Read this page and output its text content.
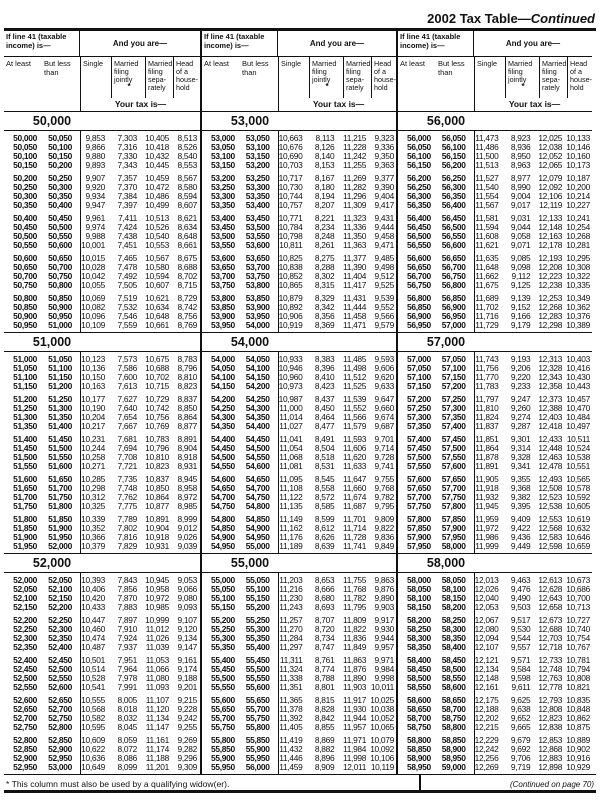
2002 Tax Table — Continued
If line 41 (taxable income) is—	And you are—
At least	But less than
Single	Married filing jointly
*
Married filing sepa- rately
Head of a house- hold
Your tax is—
50,000
50,000	50,050	9,853	7,303 10,405	8,513
50,050	50,100	9,866	7,316 10,418	8,526
50,100	50,150	9,880	7,330 10,432	8,540
50,150	50,200	9,893	7,343 10,445	8,553
50,200	50,250	9,907	7,357 10,459	8,567
50,250	50,300	9,920	7,370 10,472	8,580
50,300	50,350	9,934	7,384 10,486	8,594
50,350	50,400	9,947	7,397 10,499	8,607
50,400	50,450	9,961	7,411 10,513	8,621
50,450	50,500	9,974	7,424 10,526	8,634
50,500	50,550	9,988	7,438 10,540	8,648
50,550	50,600	10,001	7,451 10,553	8,661
50,600	50,650	10,015	7,465 10,567	8,675
50,650	50,700	10,028	7,478 10,580	8,688
50,700	50,750	10,042	7,492 10,594	8,702
50,750	50,800	10,055	7,505 10,607	8,715
50,800	50,850	10,069	7,519 10,621	8,729
50,850	50,900	10,082	7,532 10,634	8,742
50,900	50,950	10,096	7,546 10,648	8,756
50,950	51,000	10,109	7,559 10,661	8,769
51,000
51,000	51,050	10,123	7,573 10,675	8,783
51,050	51,100	10,136	7,586 10,688	8,796
51,100	51,150	10,150	7,600 10,702	8,810
51,150	51,200	10,163	7,613 10,715	8,823
51,200	51,250	10,177	7,627 10,729	8,837
51,250	51,300	10,190	7,640 10,742	8,850
51,300	51,350	10,204	7,654 10,756	8,864
51,350	51,400	10,217	7,667 10,769	8,877
51,400	51,450	10,231	7,681 10,783	8,891
51,450	51,500	10,244	7,694 10,796	8,904
51,500	51,550	10,258	7,708 10,810	8,918
51,550	51,600	10,271	7,721 10,823	8,931
51,600	51,650	10,285	7,735 10,837	8,945
51,650	51,700	10,298	7,748 10,850	8,958
51,700	51,750	10,312	7,762 10,864	8,972
51,750	51,800	10,325	7,775 10,877	8,985
51,800	51,850	10,339	7,789 10,891	8,999
51,850	51,900	10,352	7,802 10,904	9,012
51,900	51,950	10,366	7,816 10,918	9,026
51,950	52,000	10,379	7,829 10,931	9,039
52,000
52,000	52,050	10,393	7,843 10,945	9,053
52,050	52,100	10,406	7,856 10,958	9,066
52,100	52,150	10,420	7,870 10,972	9,080
52,150	52,200	10,433	7,883 10,985	9,093
52,200	52,250	10,447	7,897 10,999	9,107
52,250	52,300	10,460	7,910	11,012	9,120
52,300	52,350	10,474	7,924	11,026	9,134
52,350	52,400	10,487	7,937	11,039	9,147
52,400	52,450	10,501	7,951	11,053	9,161
52,450	52,500	10,514	7,964	11,066	9,174
52,500	52,550	10,528	7,978	11,080	9,188
52,550	52,600	10,541	7,991	11,093	9,201
52,600	52,650	10,555	8,005	11,107	9,215
52,650	52,700	10,568	8,018	11,120	9,228
52,700	52,750	10,582	8,032	11,134	9,242
52,750	52,800	10,595	8,045	11,147	9,255
52,800	52,850	10,609	8,059	11,161	9,269
52,850	52,900	10,622	8,072	11,174	9,282
52,900	52,950	10,636	8,086	11,188	9,296
52,950	53,000	10,649	8,099	11,201	9,309
If line 41 (taxable income) is—	And you are—
At least	But less than
Single	Married filing jointly
*
Married filing sepa- rately
Head of a house- hold
Your tax is—
53,000
53,000	53,050	10,663	8,113	11,215 9,323
53,050	53,100	10,676	8,126	11,228 9,336
53,100	53,150	10,690	8,140	11,242 9,350
53,150	53,200	10,703	8,153	11,255 9,363
53,200	53,250	10,717	8,167	11,269 9,377
53,250	53,300	10,730	8,180	11,282 9,390
53,300	53,350	10,744	8,194	11,296 9,404
53,350	53,400	10,757	8,207	11,309 9,417
53,400	53,450	10,771	8,221	11,323 9,431
53,450	53,500	10,784	8,234	11,336 9,444
53,500	53,550	10,798	8,248	11,350 9,458
53,550	53,600	10,811	8,261	11,363 9,471
53,600	53,650	10,825	8,275	11,377 9,485
53,650	53,700	10,838	8,288	11,390 9,498
53,700	53,750	10,852	8,302	11,404 9,512
53,750	53,800	10,865	8,315	11,417 9,525
53,800	53,850	10,879	8,329	11,431 9,539
53,850	53,900	10,892	8,342	11,444 9,552
53,900	53,950	10,906	8,356	11,458 9,566
53,950	54,000	10,919	8,369	11,471 9,579
54,000
54,000	54,050	10,933	8,383	11,485 9,593
54,050	54,100	10,946	8,396	11,498 9,606
54,100	54,150	10,960	8,410	11,512 9,620
54,150	54,200	10,973	8,423	11,525 9,633
54,200	54,250	10,987	8,437	11,539 9,647
54,250	54,300	11,000	8,450	11,552 9,660
54,300	54,350	11,014	8,464	11,566 9,674
54,350	54,400	11,027	8,477	11,579 9,687
54,400	54,450	11,041	8,491	11,593 9,701
54,450	54,500	11,054	8,504	11,606 9,714
54,500	54,550	11,068	8,518	11,620 9,728
54,550	54,600	11,081	8,531	11,633 9,741
54,600	54,650	11,095	8,545	11,647 9,755
54,650	54,700	11,108	8,558	11,660 9,768
54,700	54,750	11,122	8,572	11,674 9,782
54,750	54,800	11,135	8,585	11,687 9,795
54,800	54,850	11,149	8,599	11,701 9,809
54,850	54,900	11,162	8,612	11,714 9,822
54,900	54,950	11,176	8,626	11,728 9,836
54,950	55,000	11,189	8,639	11,741 9,849
55,000
55,000	55,050	11,203	8,653	11,755 9,863
55,050	55,100	11,216	8,666	11,768 9,876
55,100	55,150	11,230	8,680	11,782 9,890
55,150	55,200	11,243	8,693	11,795 9,903
55,200	55,250	11,257	8,707	11,809 9,917
55,250	55,300	11,270	8,720	11,822 9,930
55,300	55,350	11,284	8,734	11,836 9,944
55,350	55,400	11,297	8,747	11,849 9,957
55,400	55,450	11,311	8,761	11,863 9,971
55,450	55,500	11,324	8,774	11,876 9,984
55,500	55,550	11,338	8,788	11,890 9,998
55,550	55,600	11,351	8,801	11,903 10,011
55,600	55,650	11,365	8,815	11,917 10,025
55,650	55,700	11,378	8,828	11,930 10,038
55,700	55,750	11,392	8,842	11,944 10,052
55,750	55,800	11,405	8,855	11,957 10,065
55,800	55,850	11,419	8,869	11,971 10,079
55,850	55,900	11,432	8,882	11,984 10,092
55,900	55,950	11,446	8,896	11,998 10,106
55,950	56,000	11,459	8,909	12,011 10,119
If line 41 (taxable income) is—	And you are—
At least	But less than
Single	Married filing jointly
*
Married filing sepa- rately
Head of a house- hold
Your tax is—
56,000
56,000	56,050	11,473	8,923 12,025 10,133
56,050	56,100	11,486	8,936 12,038 10,146
56,100	56,150	11,500	8,950 12,052 10,160
56,150	56,200	11,513	8,963 12,065 10,173
56,200	56,250	11,527	8,977 12,079 10,187
56,250	56,300	11,540	8,990 12,092 10,200
56,300	56,350	11,554	9,004 12,106 10,214
56,350	56,400	11,567	9,017	12,119 10,227
56,400	56,450	11,581	9,031 12,133 10,241
56,450	56,500	11,594	9,044 12,148 10,254
56,500	56,550	11,608	9,058 12,163 10,268
56,550	56,600	11,621	9,071 12,178 10,281
56,600	56,650	11,635	9,085 12,193 10,295
56,650	56,700	11,648	9,098 12,208 10,308
56,700	56,750	11,662	9,112 12,223 10,322
56,750	56,800	11,675	9,125 12,238 10,335
56,800	56,850	11,689	9,139 12,253 10,349
56,850	56,900	11,702	9,152 12,268 10,362
56,900	56,950	11,716	9,166 12,283 10,376
56,950	57,000	11,729	9,179 12,298 10,389
57,000
57,000	57,050	11,743	9,193 12,313 10,403
57,050	57,100	11,756	9,206 12,328 10,416
57,100	57,150	11,770	9,220 12,343 10,430
57,150	57,200	11,783	9,233 12,358 10,443
57,200	57,250	11,797	9,247 12,373 10,457
57,250	57,300	11,810	9,260 12,388 10,470
57,300	57,350	11,824	9,274 12,403 10,484
57,350	57,400	11,837	9,287 12,418 10,497
57,400	57,450	11,851	9,301 12,433 10,511
57,450	57,500	11,864	9,314 12,448 10,524
57,500	57,550	11,878	9,328 12,463 10,538
57,550	57,600	11,891	9,341 12,478 10,551
57,600	57,650	11,905	9,355 12,493 10,565
57,650	57,700	11,918	9,368 12,508 10,578
57,700	57,750	11,932	9,382 12,523 10,592
57,750	57,800	11,945	9,395 12,538 10,605
57,800	57,850	11,959	9,409 12,553 10,619
57,850	57,900	11,972	9,422 12,568 10,632
57,900	57,950	11,986	9,436 12,583 10,646
57,950	58,000	11,999	9,449 12,598 10,659
58,000
58,000	58,050	12,013	9,463 12,613 10,673
58,050	58,100	12,026	9,476 12,628 10,686
58,100	58,150	12,040	9,490 12,643 10,700
58,150	58,200	12,053	9,503 12,658 10,713
58,200	58,250	12,067	9,517 12,673 10,727
58,250	58,300	12,080	9,530 12,688 10,740
58,300	58,350	12,094	9,544 12,703 10,754
58,350	58,400	12,107	9,557 12,718 10,767
58,400	58,450	12,121	9,571 12,733 10,781
58,450	58,500	12,134	9,584 12,748 10,794
58,500	58,550	12,148	9,598 12,763 10,808
58,550	58,600	12,161	9,611 12,778 10,821
58,600	58,650	12,175	9,625 12,793 10,835
58,650	58,700	12,188	9,638 12,808 10,848
58,700	58,750	12,202	9,652 12,823 10,862
58,750	58,800	12,215	9,665 12,838 10,875
58,800	58,850	12,229	9,679 12,853 10,889
58,850	58,900	12,242	9,692 12,868 10,902
58,900	58,950	12,256	9,706 12,883 10,916
58,950	59,000	12,269	9,719 12,898 10,929
* This column must also be used by a qualifying widow(er).	(Continued on page 70)
